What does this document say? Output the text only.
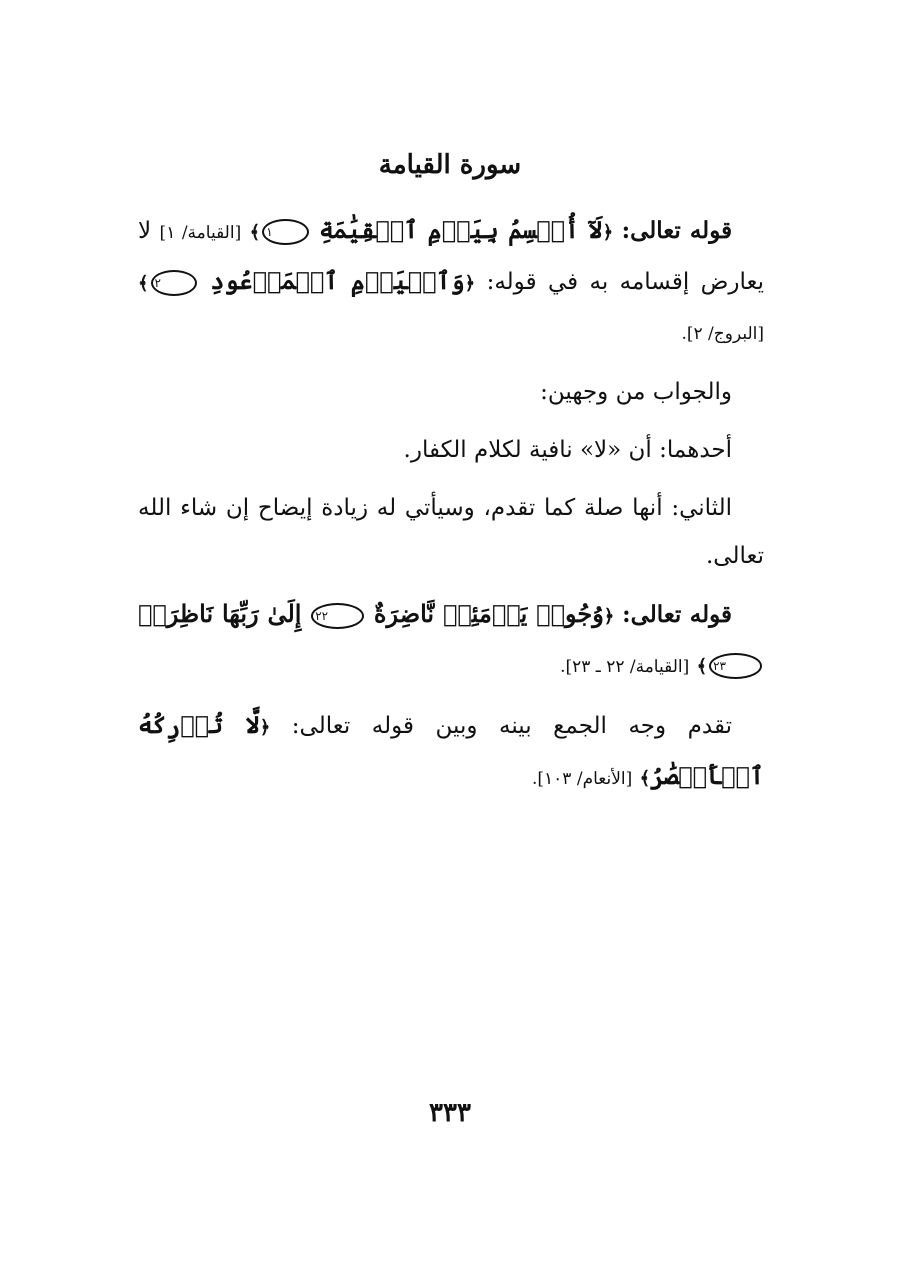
سورة القيامة

قوله تعالى: ﴿لَآ أُقۡسِمُ بِيَوۡمِ ٱلۡقِيَٰمَةِ ١﴾ [القيامة/ ١] لا يعارض إقسامه به في قوله: ﴿وَٱلۡيَوۡمِ ٱلۡمَوۡعُودِ ٢﴾ [البروج/ ٢].

والجواب من وجهين:

أحدهما: أن «لا» نافية لكلام الكفار.

الثاني: أنها صلة كما تقدم، وسيأتي له زيادة إيضاح إن شاء الله تعالى.

قوله تعالى: ﴿وُجُوهٞ يَوۡمَئِذٖ نَّاضِرَةٌ ٢٢ إِلَىٰ رَبِّهَا نَاظِرَةٞ ٢٣﴾ [القيامة/ ٢٢ ـ ٢٣].

تقدم وجه الجمع بينه وبين قوله تعالى: ﴿لَّا تُدۡرِكُهُ ٱلۡأَبۡصَٰرُ﴾ [الأنعام/ ١٠٣].

٣٣٣
